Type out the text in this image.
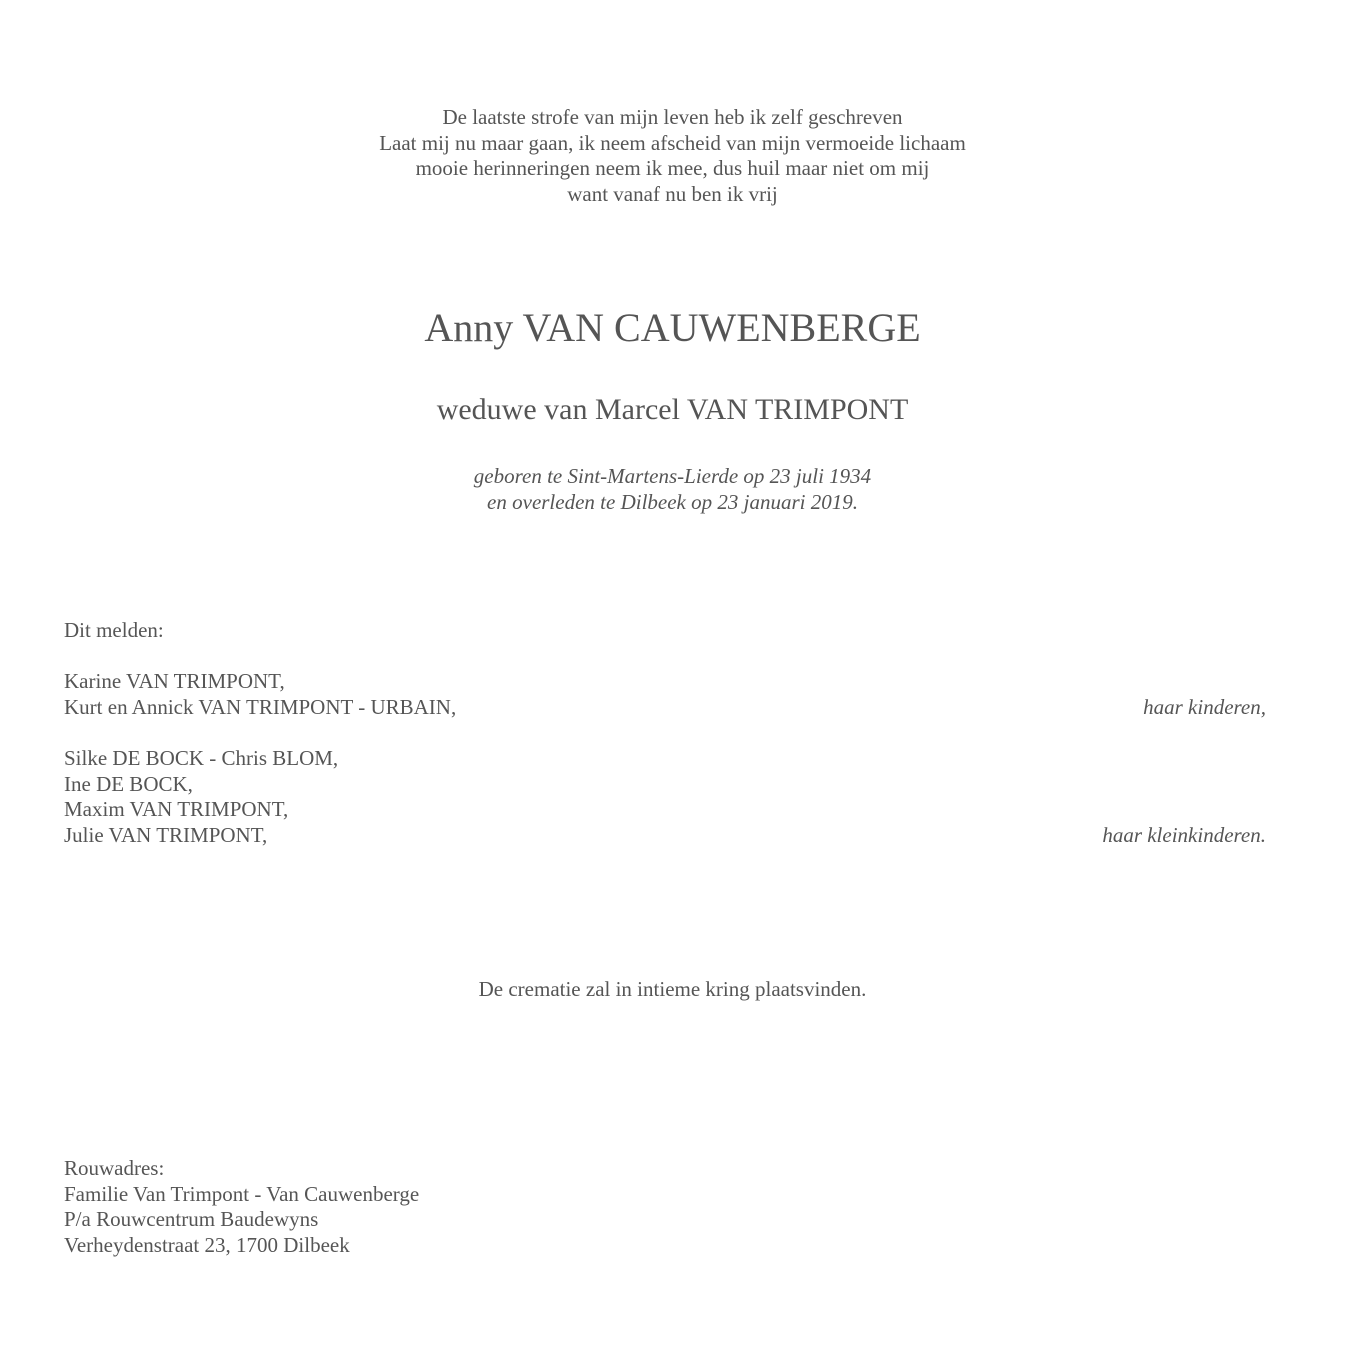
De laatste strofe van mijn leven heb ik zelf geschreven
Laat mij nu maar gaan, ik neem afscheid van mijn vermoeide lichaam
mooie herinneringen neem ik mee, dus huil maar niet om mij
want vanaf nu ben ik vrij
Anny VAN CAUWENBERGE
weduwe van Marcel VAN TRIMPONT
geboren te Sint-Martens-Lierde op 23 juli 1934
en overleden te Dilbeek op 23 januari 2019.
Dit melden:
Karine VAN TRIMPONT,
Kurt en Annick VAN TRIMPONT - URBAIN,	haar kinderen,
Silke DE BOCK - Chris BLOM,
Ine DE BOCK,
Maxim VAN TRIMPONT,
Julie VAN TRIMPONT,	haar kleinkinderen.
De crematie zal in intieme kring plaatsvinden.
Rouwadres:
Familie Van Trimpont - Van Cauwenberge
P/a Rouwcentrum Baudewyns
Verheydenstraat 23, 1700 Dilbeek
